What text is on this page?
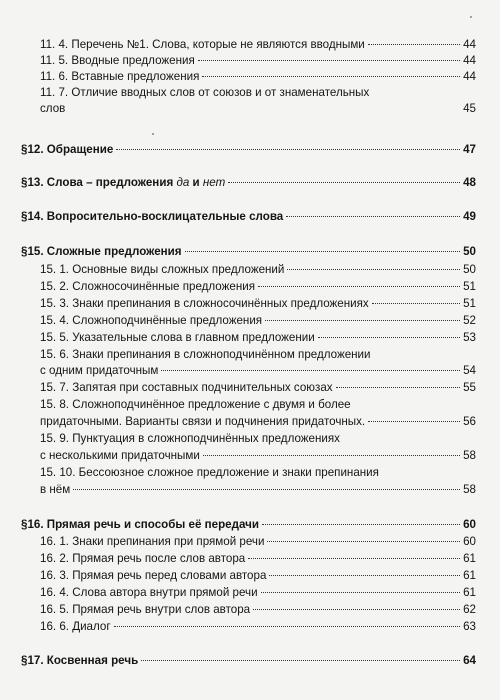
11. 4. Перечень №1. Слова, которые не являются вводными	44
11. 5. Вводные предложения	44
11. 6. Вставные предложения	44
11. 7. Отличие вводных слов от союзов и от знаменательных
слов	45
§12. Обращение	47
§13. Слова – предложения да и нет	48
§14. Вопросительно-восклицательные слова	49
§15. Сложные предложения	50
15. 1. Основные виды сложных предложений	50
15. 2. Сложносочинённые предложения	51
15. 3. Знаки препинания в сложносочинённых предложениях	51
15. 4. Сложноподчинённые предложения	52
15. 5. Указательные слова в главном предложении	53
15. 6. Знаки препинания в сложноподчинённом предложении
с одним придаточным	54
15. 7. Запятая при составных подчинительных союзах	55
15. 8. Сложноподчинённое предложение с двумя и более
придаточными. Варианты связи и подчинения придаточных.	56
15. 9. Пунктуация в сложноподчинённых предложениях
с несколькими придаточными	58
15. 10. Бессоюзное сложное предложение и знаки препинания
в нём	58
§16. Прямая речь и способы её передачи	60
16. 1. Знаки препинания при прямой речи	60
16. 2. Прямая речь после слов автора	61
16. 3. Прямая речь перед словами автора	61
16. 4. Слова автора внутри прямой речи	61
16. 5. Прямая речь внутри слов автора	62
16. 6. Диалог	63
§17. Косвенная речь	64
